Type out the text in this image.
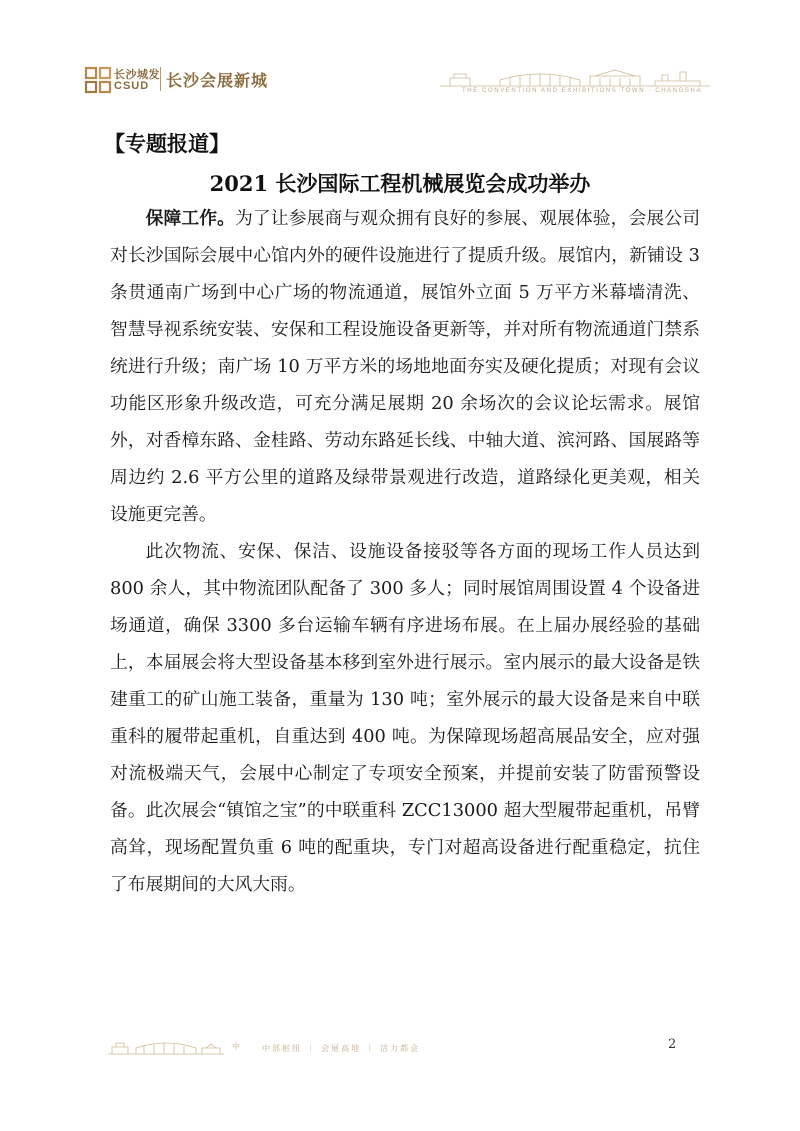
长沙城发
CSUD 长沙会展新城
THE CONVENTION AND EXHIBITIONS TOWN · CHANGSHA
【专题报道】
2021 长沙国际工程机械展览会成功举办

保障工作。为了让参展商与观众拥有良好的参展、观展体验，会展公司对长沙国际会展中心馆内外的硬件设施进行了提质升级。展馆内，新铺设 3 条贯通南广场到中心广场的物流通道，展馆外立面 5 万平方米幕墙清洗、智慧导视系统安装、安保和工程设施设备更新等，并对所有物流通道门禁系统进行升级；南广场 10 万平方米的场地地面夯实及硬化提质；对现有会议功能区形象升级改造，可充分满足展期 20 余场次的会议论坛需求。展馆外，对香樟东路、金桂路、劳动东路延长线、中轴大道、滨河路、国展路等周边约 2.6 平方公里的道路及绿带景观进行改造，道路绿化更美观，相关设施更完善。

此次物流、安保、保洁、设施设备接驳等各方面的现场工作人员达到 800 余人，其中物流团队配备了 300 多人；同时展馆周围设置 4 个设备进场通道，确保 3300 多台运输车辆有序进场布展。在上届办展经验的基础上，本届展会将大型设备基本移到室外进行展示。室内展示的最大设备是铁建重工的矿山施工装备，重量为 130 吨；室外展示的最大设备是来自中联重科的履带起重机，自重达到 400 吨。为保障现场超高展品安全，应对强对流极端天气，会展中心制定了专项安全预案，并提前安装了防雷预警设备。此次展会“镇馆之宝”的中联重科 ZCC13000 超大型履带起重机，吊臂高耸，现场配置负重 6 吨的配重块，专门对超高设备进行配重稳定，抗住了布展期间的大风大雨。

中	中部枢纽 ｜ 会展高地 ｜ 活力都会	2
